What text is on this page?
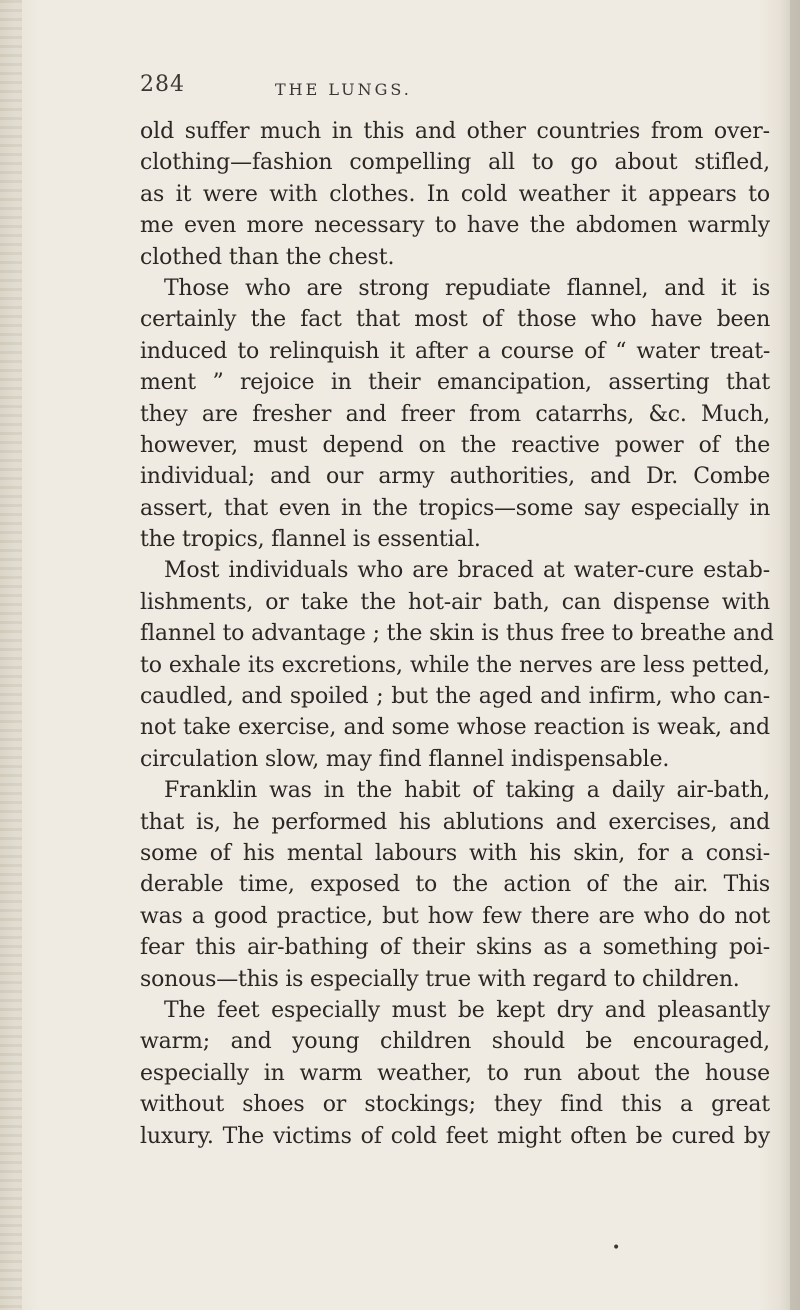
284	THE LUNGS.
old suffer much in this and other countries from over-
clothing—fashion compelling all to go about stifled,
as it were with clothes. In cold weather it appears to
me even more necessary to have the abdomen warmly
clothed than the chest.
Those who are strong repudiate flannel, and it is
certainly the fact that most of those who have been
induced to relinquish it after a course of “ water treat-
ment ” rejoice in their emancipation, asserting that
they are fresher and freer from catarrhs, &c. Much,
however, must depend on the reactive power of the
individual; and our army authorities, and Dr. Combe
assert, that even in the tropics—some say especially in
the tropics, flannel is essential.
Most individuals who are braced at water-cure estab-
lishments, or take the hot-air bath, can dispense with
flannel to advantage ; the skin is thus free to breathe and
to exhale its excretions, while the nerves are less petted,
caudled, and spoiled ; but the aged and infirm, who can-
not take exercise, and some whose reaction is weak, and
circulation slow, may find flannel indispensable.
Franklin was in the habit of taking a daily air-bath,
that is, he performed his ablutions and exercises, and
some of his mental labours with his skin, for a consi-
derable time, exposed to the action of the air. This
was a good practice, but how few there are who do not
fear this air-bathing of their skins as a something poi-
sonous—this is especially true with regard to children.
The feet especially must be kept dry and pleasantly
warm; and young children should be encouraged,
especially in warm weather, to run about the house
without shoes or stockings; they find this a great
luxury. The victims of cold feet might often be cured by
•
